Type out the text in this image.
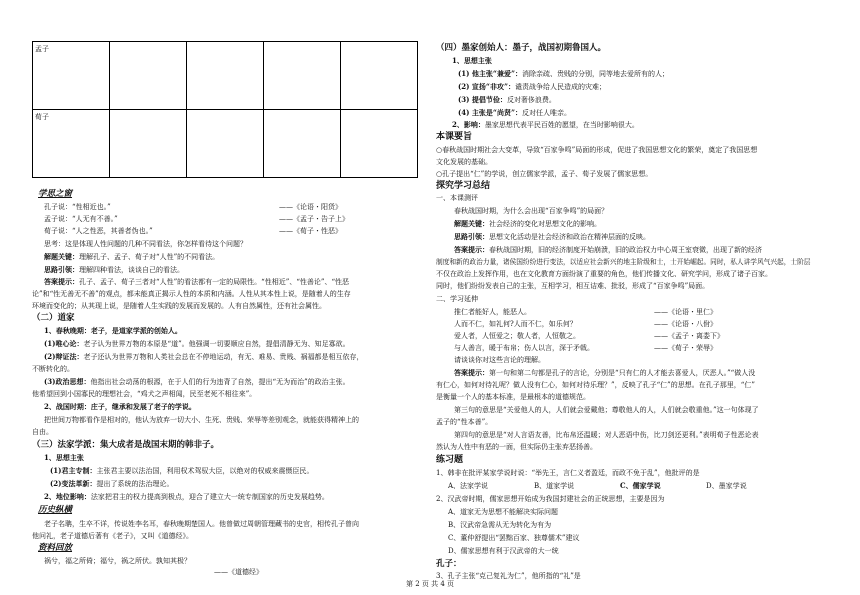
孟子				
荀子				
学思之窗
孔子说：“性相近也。”	——《论语・阳货》
孟子说：“人无有不善。”	——《孟子・告子上》
荀子说：“人之性恶，其善者伪也。”	——《荀子・性恶》
思考：这是体现人性问题的几种不同看法，你怎样看待这个问题？
解题关键：理解孔子、孟子、荀子对“人性”的不同看法。
思路引领：理解四种看法，谈谈自己的看法。
答案提示：孔子、孟子、荀子三者对“人性”的看法都有一定的局限性。“性相近”、“性善论”、“性恶
论”和“性无善无不善”的观点，都未能真正揭示人性的本质和内涵。人性从其本性上说，是随着人的生存
环境而变化的；从其现上说，是随着人生实践的发展而发展的。人有自然属性，还有社会属性。
（二）道家
1、春秋晚期：老子，是道家学派的创始人。
(1)唯心论：老子认为世界万物的本原是“道”。他强调一切要顺应自然，提倡清静无为、知足寡欲。
(2)辩证法：老子还认为世界万物和人类社会总在不停地运动，有无、难易、贵贱、祸福都是相互依存，
不断转化的。
(3)政治思想：他指出社会动荡的根源，在于人们的行为违背了自然，提出“无为而治”的政治主张。
他希望回到小国寡民的理想社会，“鸡犬之声相闻，民至老死不相往来”。
2、战国时期：庄子，继承和发展了老子的学说。
把世间万物都看作是相对的，他认为放弃一切大小、生死、贵贱、荣辱等差别观念，就能获得精神上的
自由。
（三）法家学派：集大成者是战国末期的韩非子。
1、思想主张
(1)君主专制：主张君主要以法治国，利用权术驾驭大臣，以绝对的权威来震慑臣民。
(2)变法革新：提出了系统的法治理论。
2、地位影响：法家把君主的权力提高到极点，迎合了建立大一统专制国家的历史发展趋势。
历史纵横
老子名聃，生卒不详，传说姓李名耳，春秋晚期楚国人。他曾做过周朝管理藏书的史官，相传孔子曾向
他问礼，老子道德后著有《老子》，又叫《道德经》。
资料回放
祸兮，福之所倚；福兮，祸之所伏。孰知其极？
——《道德经》
（四）墨家创始人：墨子，战国初期鲁国人。
1、思想主张
(1) 他主张“兼爱”：消除亲疏、贵贱的分别，同等地去爱所有的人；
(2) 宣扬“非攻”：谴责战争给人民造成的灾难；
(3) 提倡节俭：反对奢侈浪费。
(4) 主张是“尚贤”：反对任人唯亲。
2、影响：墨家思想代表平民百姓的愿望，在当时影响很大。
本课要旨
○春秋战国时期社会大变革，导致“百家争鸣”局面的形成，促进了我国思想文化的繁荣，奠定了我国思想
文化发展的基础。
○孔子提出“仁”的学说，创立儒家学派，孟子、荀子发展了儒家思想。
探究学习总结
一、本课测评
春秋战国时期，为什么会出现“百家争鸣”的局面？
解题关键：社会经济的变化对思想文化的影响。
思路引领：思想文化活动是社会经济和政治在精神层面的反映。
答案提示：春秋战国时期，旧的经济制度开始崩溃，旧的政治权力中心周王室衰微，出现了新的经济
制度和新的政治力量，诸侯国纷纷进行变法，以适应社会新兴的地主阶级和士，士开始崛起。同时，私人讲学风气兴起，士阶层
不仅在政治上发挥作用，也在文化教育方面纷演了重要的角色，他们传播文化、研究学问，形成了诸子百家。
同时，他们纷纷发表自己的主张，互相学习，相互诘难、批驳，形成了“百家争鸣”局面。
二、学习延伸
推仁者能好人，能恶人。	——《论语・里仁》
人而不仁，如礼何?人而不仁，如乐何？	——《论语・八佾》
爱人者，人恒爱之；敬人者，人恒敬之。	——《孟子・离娄下》
与人善言，暖于布帛；伤人以言，深于矛戟。	——《荀子・荣辱》
请谈谈你对这些言论的理解。
答案提示：第一句和第二句都是孔子的言论，分别是“只有仁的人才能去喜爱人，厌恶人。”“做人没
有仁心，如何对待礼呢？做人没有仁心，如何对待乐理？”，反映了孔子“仁”的思想。在孔子那里，“仁”
是衡量一个人的基本标准，是最根本的道德规范。
第三句的意思是“关爱他人的人，人们就会爱戴他；尊敬他人的人，人们就会敬重他。”这一句体现了
孟子的“性本善”。
第四句的意思是“对人言语友善，比布帛还温暖；对人恶语中伤，比刀剑还更利。”表明荀子性恶论表
然认为人性中有恶的一面，但实际仍主张弃恶扬善。
练习题
1、韩非在批评某家学说时说：“举先王，言仁义者盈廷，而政不免于乱”，他批评的是
A、法家学说	B、道家学说	C、儒家学说	D、墨家学说
2、汉武帝时期，儒家思想开始成为我国封建社会的正统思想，主要是因为
A、道家无为思想不能解决实际问题
B、汉武帝急需从无为转化为有为
C、董仲舒提出“罢黜百家、独尊儒术”建议
D、儒家思想有利于汉武帝的大一统
孔子：
3、孔子主张“克己复礼为仁”，他所指的“礼”是
第 2 页 共 4 页
